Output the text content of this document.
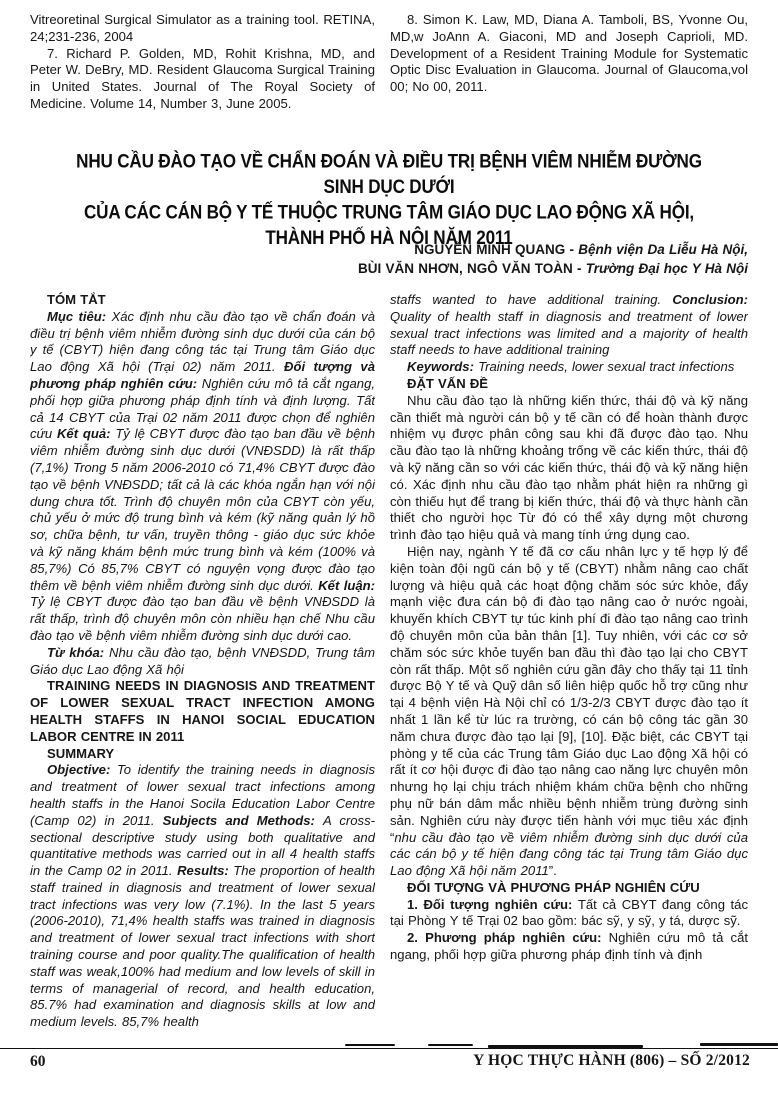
Vitreoretinal Surgical Simulator as a training tool. RETINA, 24;231-236, 2004

7. Richard P. Golden, MD, Rohit Krishna, MD, and Peter W. DeBry, MD. Resident Glaucoma Surgical Training in United States. Journal of The Royal Society of Medicine. Volume 14, Number 3, June 2005.

8. Simon K. Law, MD, Diana A. Tamboli, BS, Yvonne Ou, MD,w JoAnn A. Giaconi, MD and Joseph Caprioli, MD. Development of a Resident Training Module for Systematic Optic Disc Evaluation in Glaucoma. Journal of Glaucoma,vol 00; No 00, 2011.

NHU CẦU ĐÀO TẠO VỀ CHẨN ĐOÁN VÀ ĐIỀU TRỊ BỆNH VIÊM NHIỄM ĐƯỜNG SINH DỤC DƯỚI
CỦA CÁC CÁN BỘ Y TẾ THUỘC TRUNG TÂM GIÁO DỤC LAO ĐỘNG XÃ HỘI,
THÀNH PHỐ HÀ NỘI NĂM 2011

NGUYỄN MINH QUANG - Bệnh viện Da Liễu Hà Nội,

BÙI VĂN NHƠN, NGÔ VĂN TOÀN - Trường Đại học Y Hà Nội

TÓM TẮT

Mục tiêu: Xác định nhu cầu đào tạo về chẩn đoán và điều trị bệnh viêm nhiễm đường sinh dục dưới của cán bộ y tế (CBYT) hiện đang công tác tại Trung tâm Giáo dục Lao động Xã hội (Trại 02) năm 2011. Đối tượng và phương pháp nghiên cứu: Nghiên cứu mô tả cắt ngang, phối hợp giữa phương pháp định tính và định lượng. Tất cả 14 CBYT của Trại 02 năm 2011 được chọn để nghiên cứu Kết quả: Tỷ lệ CBYT được đào tạo ban đầu về bệnh viêm nhiễm đường sinh dục dưới (VNĐSDD) là rất thấp (7,1%) Trong 5 năm 2006-2010 có 71,4% CBYT được đào tạo về bệnh VNĐSDD; tất cả là các khóa ngắn hạn với nội dung chưa tốt. Trình độ chuyên môn của CBYT còn yếu, chủ yếu ở mức độ trung bình và kém (kỹ năng quản lý hồ sơ, chữa bệnh, tư vấn, truyền thông - giáo dục sức khỏe và kỹ năng khám bệnh mức trung bình và kém (100% và 85,7%) Có 85,7% CBYT có nguyện vọng được đào tạo thêm về bệnh viêm nhiễm đường sinh dục dưới. Kết luận: Tỷ lệ CBYT được đào tạo ban đầu về bệnh VNĐSDD là rất thấp, trình độ chuyên môn còn nhiều hạn chế Nhu cầu đào tạo về bệnh viêm nhiễm đường sinh dục dưới cao.

Từ khóa: Nhu cầu đào tạo, bệnh VNĐSDD, Trung tâm Giáo dục Lao động Xã hội

TRAINING NEEDS IN DIAGNOSIS AND TREATMENT OF LOWER SEXUAL TRACT INFECTION AMONG HEALTH STAFFS IN HANOI SOCIAL EDUCATION LABOR CENTRE IN 2011

SUMMARY

Objective: To identify the training needs in diagnosis and treatment of lower sexual tract infections among health staffs in the Hanoi Socila Education Labor Centre (Camp 02) in 2011. Subjects and Methods: A cross-sectional descriptive study using both qualitative and quantitative methods was carried out in all 4 health staffs in the Camp 02 in 2011. Results: The proportion of health staff trained in diagnosis and treatment of lower sexual tract infections was very low (7.1%). In the last 5 years (2006-2010), 71,4% health staffs was trained in diagnosis and treatment of lower sexual tract infections with short training course and poor quality.The qualification of health staff was weak,100% had medium and low levels of skill in terms of managerial of record, and health education, 85.7% had examination and diagnosis skills at low and medium levels. 85,7% health

staffs wanted to have additional training. Conclusion: Quality of health staff in diagnosis and treatment of lower sexual tract infections was limited and a majority of health staff needs to have additional training

Keywords: Training needs, lower sexual tract infections

ĐẶT VẤN ĐỀ

Nhu cầu đào tạo là những kiến thức, thái độ và kỹ năng cần thiết mà người cán bộ y tế cần có để hoàn thành được nhiệm vụ được phân công sau khi đã được đào tạo. Nhu cầu đào tạo là những khoảng trống về các kiến thức, thái độ và kỹ năng cần so với các kiến thức, thái độ và kỹ năng hiện có. Xác định nhu cầu đào tạo nhằm phát hiện ra những gì còn thiếu hụt để trang bị kiến thức, thái độ và thực hành cần thiết cho người học Từ đó có thể xây dựng một chương trình đào tạo hiệu quả và mang tính ứng dụng cao.

Hiện nay, ngành Y tế đã cơ cấu nhân lực y tế hợp lý để kiện toàn đội ngũ cán bộ y tế (CBYT) nhằm nâng cao chất lượng và hiệu quả các hoạt động chăm sóc sức khỏe, đẩy mạnh việc đưa cán bộ đi đào tạo nâng cao ở nước ngoài, khuyến khích CBYT tự túc kinh phí đi đào tạo nâng cao trình độ chuyên môn của bản thân [1]. Tuy nhiên, với các cơ sở chăm sóc sức khỏe tuyến ban đầu thì đào tạo lại cho CBYT còn rất thấp. Một số nghiên cứu gần đây cho thấy tại 11 tỉnh được Bộ Y tế và Quỹ dân số liên hiệp quốc hỗ trợ cũng như tại 4 bệnh viện Hà Nội chỉ có 1/3-2/3 CBYT được đào tạo ít nhất 1 lần kể từ lúc ra trường, có cán bộ công tác gần 30 năm chưa được đào tạo lại [9], [10]. Đặc biệt, các CBYT tại phòng y tế của các Trung tâm Giáo dục Lao động Xã hội có rất ít cơ hội được đi đào tạo nâng cao năng lực chuyên môn nhưng họ lại chịu trách nhiệm khám chữa bệnh cho những phụ nữ bán dâm mắc nhiều bệnh nhiễm trùng đường sinh sản. Nghiên cứu này được tiến hành với mục tiêu xác định “nhu cầu đào tạo về viêm nhiễm đường sinh dục dưới của các cán bộ y tế hiện đang công tác tại Trung tâm Giáo dục Lao động Xã hội năm 2011”.

ĐỐI TƯỢNG VÀ PHƯƠNG PHÁP NGHIÊN CỨU

1. Đối tượng nghiên cứu: Tất cả CBYT đang công tác tại Phòng Y tế Trại 02 bao gồm: bác sỹ, y sỹ, y tá, dược sỹ.

2. Phương pháp nghiên cứu: Nghiên cứu mô tả cắt ngang, phối hợp giữa phương pháp định tính và định

60	Y HỌC THỰC HÀNH (806) – SỐ 2/2012
